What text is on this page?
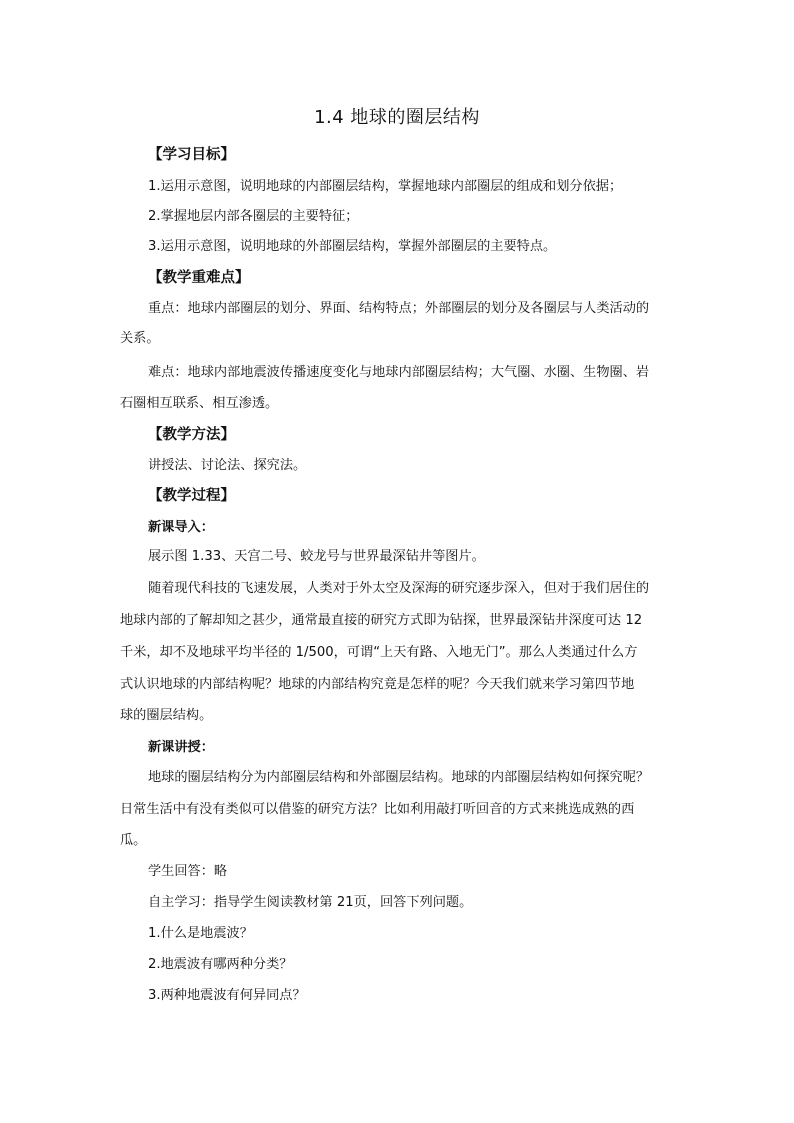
1.4 地球的圈层结构
【学习目标】
1.运用示意图，说明地球的内部圈层结构，掌握地球内部圈层的组成和划分依据；
2.掌握地层内部各圈层的主要特征；
3.运用示意图，说明地球的外部圈层结构，掌握外部圈层的主要特点。
【教学重难点】
重点：地球内部圈层的划分、界面、结构特点；外部圈层的划分及各圈层与人类活动的
关系。
难点：地球内部地震波传播速度变化与地球内部圈层结构；大气圈、水圈、生物圈、岩
石圈相互联系、相互渗透。
【教学方法】
讲授法、讨论法、探究法。
【教学过程】
新课导入：
展示图 1.33、天宫二号、蛟龙号与世界最深钻井等图片。
随着现代科技的飞速发展，人类对于外太空及深海的研究逐步深入，但对于我们居住的
地球内部的了解却知之甚少，通常最直接的研究方式即为钻探，世界最深钻井深度可达 12
千米，却不及地球平均半径的 1/500，可谓“上天有路、入地无门”。那么人类通过什么方
式认识地球的内部结构呢？地球的内部结构究竟是怎样的呢？今天我们就来学习第四节地
球的圈层结构。
新课讲授：
地球的圈层结构分为内部圈层结构和外部圈层结构。地球的内部圈层结构如何探究呢？
日常生活中有没有类似可以借鉴的研究方法？比如利用敲打听回音的方式来挑选成熟的西
瓜。
学生回答：略
自主学习：指导学生阅读教材第 21页，回答下列问题。
1.什么是地震波？
2.地震波有哪两种分类？
3.两种地震波有何异同点？
